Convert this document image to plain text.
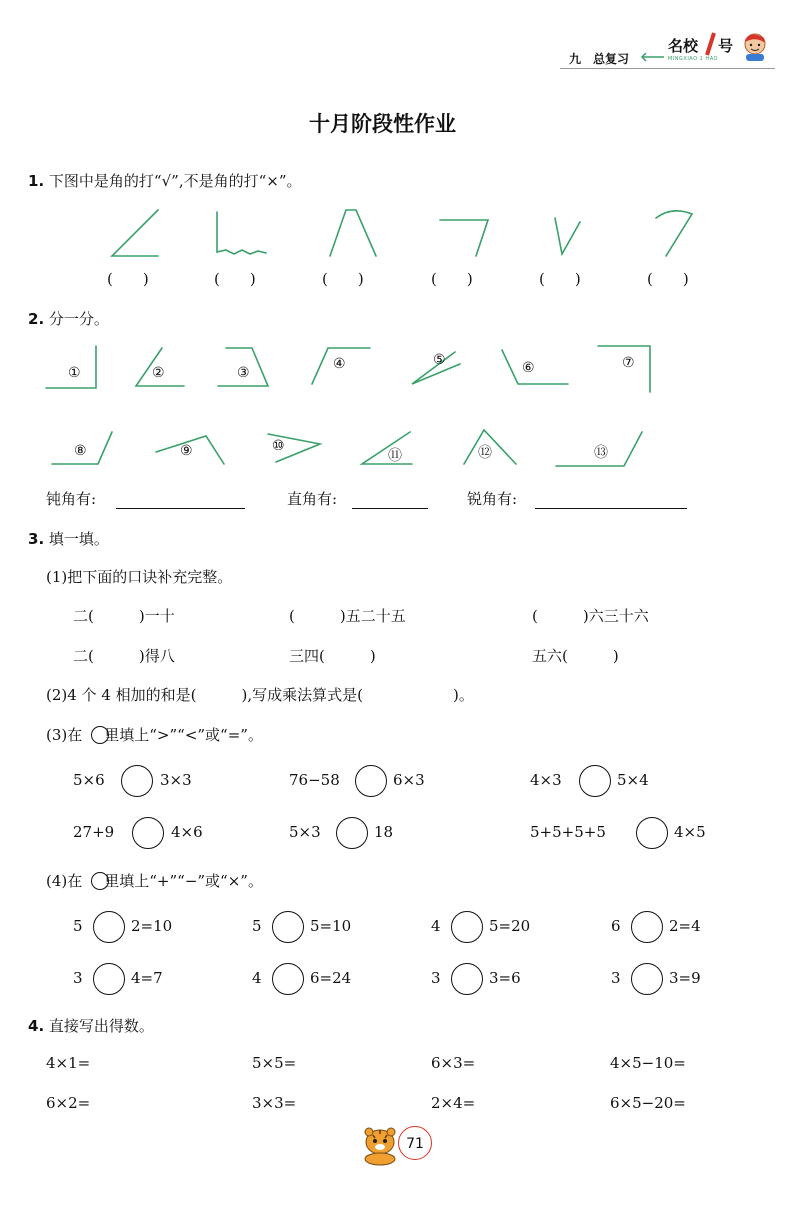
九　总复习
名校 号
MINGXIAO 1 HAO
十月阶段性作业
1. 下图中是角的打“√”,不是角的打“×”。
(　　)	(　　)	(　　)	(　　)	(　　)	(　　)
2. 分一分。
①	②	③
④	⑤	⑥	⑦
⑧	⑨	⑩
⑪	⑫	⑬
钝角有:	直角有:	锐角有:
3. 填一填。
(1)把下面的口诀补充完整。
二(　　　)一十	(　　　)五二十五	(　　　)六三十六
二(　　　)得八	三四(　　　)	五六(　　　)
(2)4 个 4 相加的和是(　　　),写成乘法算式是(　　　　　　)。
(3)在 里填上“>”“<”或“=”。
5×6	3×3	76−58	6×3	4×3	5×4
27+9	4×6	5×3	18	5+5+5+5	4×5
(4)在 里填上“+”“−”或“×”。
5	2=10	5	5=10	4	5=20	6	2=4
3	4=7	4	6=24	3	3=6	3	3=9
4. 直接写出得数。
4×1=	5×5=	6×3=	4×5−10=
6×2=	3×3=	2×4=	6×5−20=
71
